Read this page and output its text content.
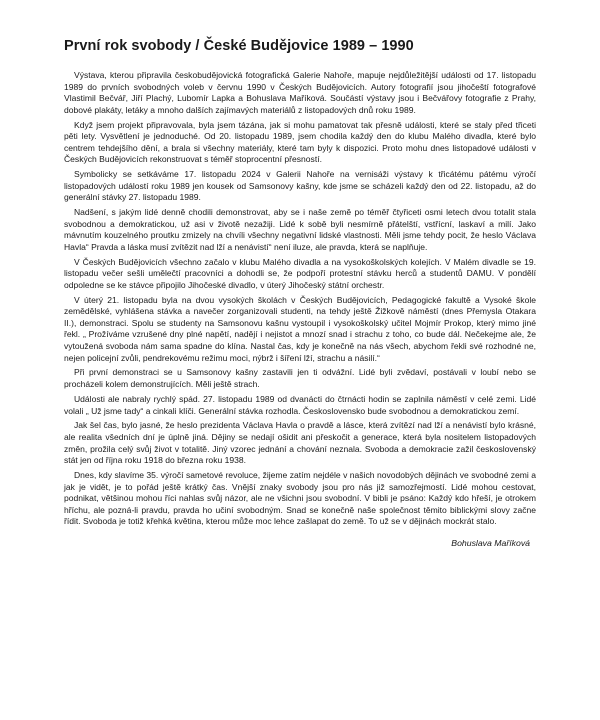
První rok svobody / České Budějovice 1989 – 1990

Výstava, kterou připravila českobudějovická fotografická Galerie Nahoře, mapuje nejdůležitější události od 17. listopadu 1989 do prvních svobodných voleb v červnu 1990 v Českých Budějovicích. Autory fotografií jsou jihočeští fotografové Vlastimil Bečvář, Jiří Plachý, Lubomír Lapka a Bohuslava Maříková. Součástí výstavy jsou i Bečvářovy fotografie z Prahy, dobové plakáty, letáky a mnoho dalších zajímavých materiálů z listopadových dnů roku 1989.

Když jsem projekt připravovala, byla jsem tázána, jak si mohu pamatovat tak přesně události, které se staly před třiceti pěti lety. Vysvětlení je jednoduché. Od 20. listopadu 1989, jsem chodila každý den do klubu Malého divadla, které bylo centrem tehdejšího dění, a brala si všechny materiály, které tam byly k dispozici. Proto mohu dnes listopadové události v Českých Budějovicích rekonstruovat s téměř stoprocentní přesností.

Symbolicky se setkáváme 17. listopadu 2024 v Galerii Nahoře na vernisáži výstavy k třicátému pátému výročí listopadových událostí roku 1989 jen kousek od Samsonovy kašny, kde jsme se scházeli každý den od 22. listopadu, až do generální stávky 27. listopadu 1989.

Nadšení, s jakým lidé denně chodili demonstrovat, aby se i naše země po téměř čtyřiceti osmi letech dvou totalit stala svobodnou a demokratickou, už asi v životě nezažiji. Lidé k sobě byli nesmírně přátelští, vstřícní, laskaví a milí. Jako mávnutím kouzelného proutku zmizely na chvíli všechny negativní lidské vlastnosti. Měli jsme tehdy pocit, že heslo Václava Havla“ Pravda a láska musí zvítězit nad lží a nenávistí“ není iluze, ale pravda, která se naplňuje.

V Českých Budějovicích všechno začalo v klubu Malého divadla a na vysokoškolských kolejích. V Malém divadle se 19. listopadu večer sešli umělečtí pracovníci a dohodli se, že podpoří protestní stávku herců a studentů DAMU. V pondělí odpoledne se ke stávce připojilo Jihočeské divadlo, v úterý Jihočeský státní orchestr.

V úterý 21. listopadu byla na dvou vysokých školách v Českých Budějovicích, Pedagogické fakultě a Vysoké škole zemědělské, vyhlášena stávka a navečer zorganizovali studenti, na tehdy ještě Žižkově náměstí (dnes Přemysla Otakara II.), demonstraci. Spolu se studenty na Samsonovu kašnu vystoupil i vysokoškolský učitel Mojmír Prokop, který mimo jiné řekl. „ Prožíváme vzrušené dny plné napětí, nadějí i nejistot a mnozí snad i strachu z toho, co bude dál. Nečekejme ale, že vytoužená svoboda nám sama spadne do klína. Nastal čas, kdy je konečně na nás všech, abychom řekli své rozhodné ne, nejen policejní zvůli, pendrekovému režimu moci, nýbrž i šíření lží, strachu a násilí.“

Při první demonstraci se u Samsonovy kašny zastavili jen ti odvážní. Lidé byli zvědaví, postávali v loubí nebo se procházeli kolem demonstrujících. Měli ještě strach.

Události ale nabraly rychlý spád. 27. listopadu 1989 od dvanácti do čtrnácti hodin se zaplnila náměstí v celé zemi. Lidé volali „ Už jsme tady“ a cinkali klíči. Generální stávka rozhodla. Československo bude svobodnou a demokratickou zemí.

Jak šel čas, bylo jasné, že heslo prezidenta Václava Havla o pravdě a lásce, která zvítězí nad lží a nenávistí bylo krásné, ale realita všedních dní je úplně jiná. Dějiny se nedají ošidit ani přeskočit a generace, která byla nositelem listopadových změn, prožila celý svůj život v totalitě. Jiný vzorec jednání a chování neznala. Svoboda a demokracie zažil československý stát jen od října roku 1918 do března roku 1938.

Dnes, kdy slavíme 35. výročí sametové revoluce, žijeme zatím nejdéle v našich novodobých dějinách ve svobodné zemi a jak je vidět, je to pořád ještě krátký čas. Vnější znaky svobody jsou pro nás již samozřejmostí. Lidé mohou cestovat, podnikat, většinou mohou říci nahlas svůj názor, ale ne všichni jsou svobodní. V bibli je psáno: Každý kdo hřeší, je otrokem hříchu, ale pozná-li pravdu, pravda ho učiní svobodným. Snad se konečně naše společnost těmito biblickými slovy začne řídit. Svoboda je totiž křehká květina, kterou může moc lehce zašlapat do země. To už se v dějinách mockrát stalo.

Bohuslava Maříková
